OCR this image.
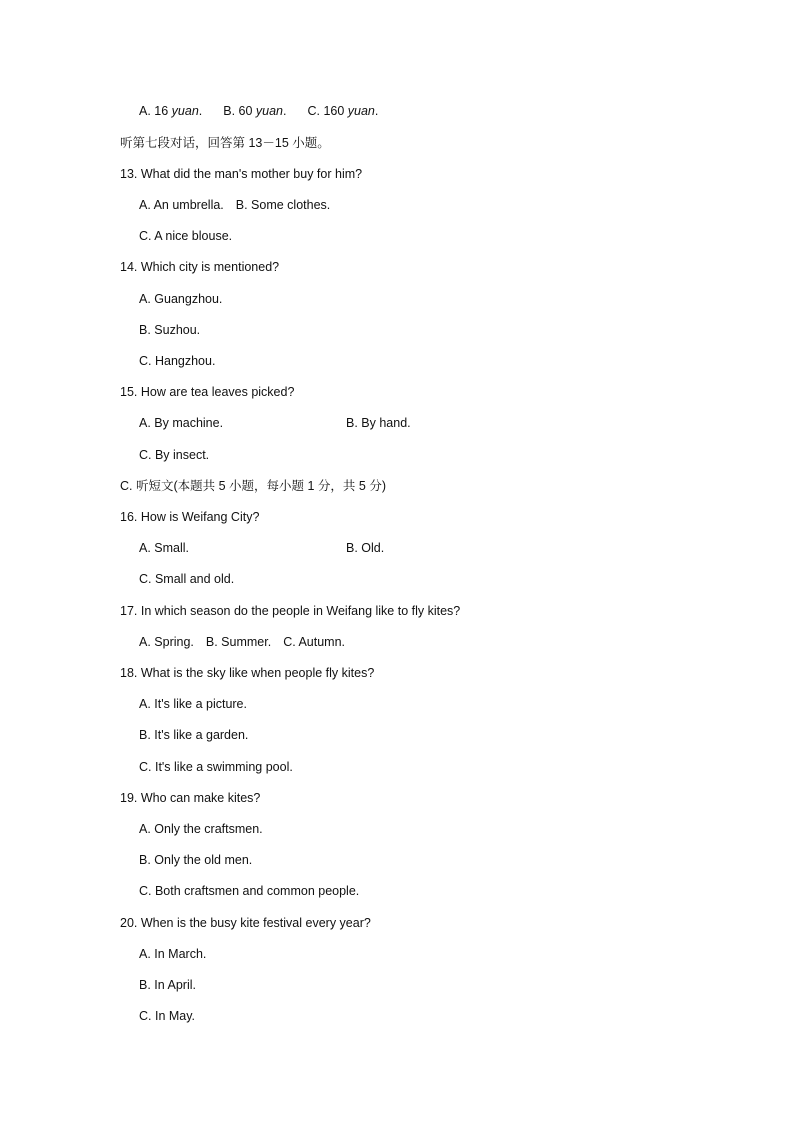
A. 16 yuan. B. 60 yuan. C. 160 yuan.
听第七段对话，回答第 13－15 小题。
13. What did the man's mother buy for him?
A. An umbrella. B. Some clothes.
C. A nice blouse.
14. Which city is mentioned?
A. Guangzhou.
B. Suzhou.
C. Hangzhou.
15. How are tea leaves picked?
A. By machine.	B. By hand.
C. By insect.
C. 听短文(本题共 5 小题，每小题 1 分，共 5 分)
16. How is Weifang City?
A. Small.	B. Old.
C. Small and old.
17. In which season do the people in Weifang like to fly kites?
A. Spring. B. Summer. C. Autumn.
18. What is the sky like when people fly kites?
A. It's like a picture.
B. It's like a garden.
C. It's like a swimming pool.
19. Who can make kites?
A. Only the craftsmen.
B. Only the old men.
C. Both craftsmen and common people.
20. When is the busy kite festival every year?
A. In March.
B. In April.
C. In May.
